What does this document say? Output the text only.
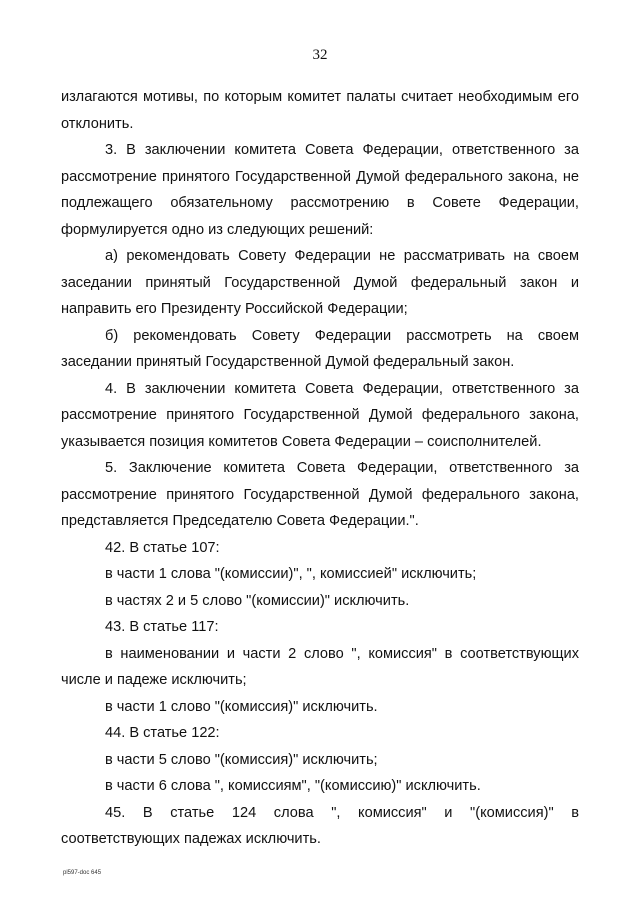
32

излагаются мотивы, по которым комитет палаты считает необходимым его отклонить.

3. В заключении комитета Совета Федерации, ответственного за рассмотрение принятого Государственной Думой федерального закона, не подлежащего обязательному рассмотрению в Совете Федерации, формулируется одно из следующих решений:

а) рекомендовать Совету Федерации не рассматривать на своем заседании принятый Государственной Думой федеральный закон и направить его Президенту Российской Федерации;

б) рекомендовать Совету Федерации рассмотреть на своем заседании принятый Государственной Думой федеральный закон.

4. В заключении комитета Совета Федерации, ответственного за рассмотрение принятого Государственной Думой федерального закона, указывается позиция комитетов Совета Федерации – соисполнителей.

5. Заключение комитета Совета Федерации, ответственного за рассмотрение принятого Государственной Думой федерального закона, представляется Председателю Совета Федерации.".

42. В статье 107:

в части 1 слова "(комиссии)", ", комиссией" исключить;

в частях 2 и 5 слово "(комиссии)" исключить.

43. В статье 117:

в наименовании и части 2 слово ", комиссия" в соответствующих числе и падеже исключить;

в части 1 слово "(комиссия)" исключить.

44. В статье 122:

в части 5 слово "(комиссия)" исключить;

в части 6 слова ", комиссиям", "(комиссию)" исключить.

45. В статье 124 слова ", комиссия" и "(комиссия)" в соответствующих падежах исключить.

pl597-doc 645
